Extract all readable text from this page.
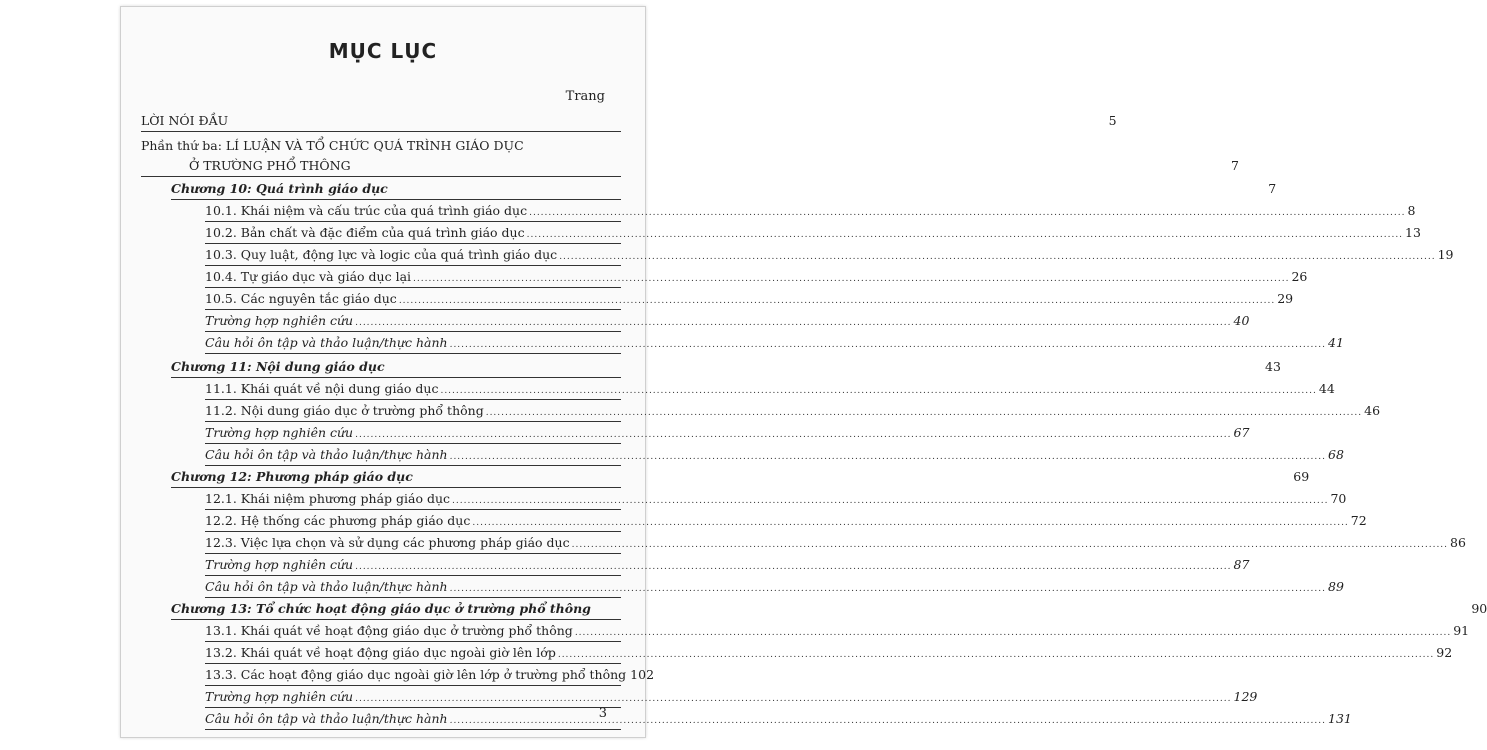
MỤC LỤC
Trang
LỜI NÓI ĐẦU	5
Phần thứ ba: LÍ LUẬN VÀ TỔ CHỨC QUÁ TRÌNH GIÁO DỤC
Ở TRƯỜNG PHỔ THÔNG	7
Chương 10: Quá trình giáo dục	7
10.1. Khái niệm và cấu trúc của quá trình giáo dục .....	8
10.2. Bản chất và đặc điểm của quá trình giáo dục .....	13
10.3. Quy luật, động lực và logic của quá trình giáo dục .....	19
10.4. Tự giáo dục và giáo dục lại .....	26
10.5. Các nguyên tắc giáo dục .....	29
Trường hợp nghiên cứu .....	40
Câu hỏi ôn tập và thảo luận/thực hành .....	41
Chương 11: Nội dung giáo dục	43
11.1. Khái quát về nội dung giáo dục .....	44
11.2. Nội dung giáo dục ở trường phổ thông .....	46
Trường hợp nghiên cứu .....	67
Câu hỏi ôn tập và thảo luận/thực hành .....	68
Chương 12: Phương pháp giáo dục	69
12.1. Khái niệm phương pháp giáo dục .....	70
12.2. Hệ thống các phương pháp giáo dục .....	72
12.3. Việc lựa chọn và sử dụng các phương pháp giáo dục .....	86
Trường hợp nghiên cứu .....	87
Câu hỏi ôn tập và thảo luận/thực hành .....	89
Chương 13: Tổ chức hoạt động giáo dục ở trường phổ thông	90
13.1. Khái quát về hoạt động giáo dục ở trường phổ thông .....	91
13.2. Khái quát về hoạt động giáo dục ngoài giờ lên lớp .....	92
13.3. Các hoạt động giáo dục ngoài giờ lên lớp ở trường phổ thông 102
Trường hợp nghiên cứu .....	129
Câu hỏi ôn tập và thảo luận/thực hành .....	131
3
